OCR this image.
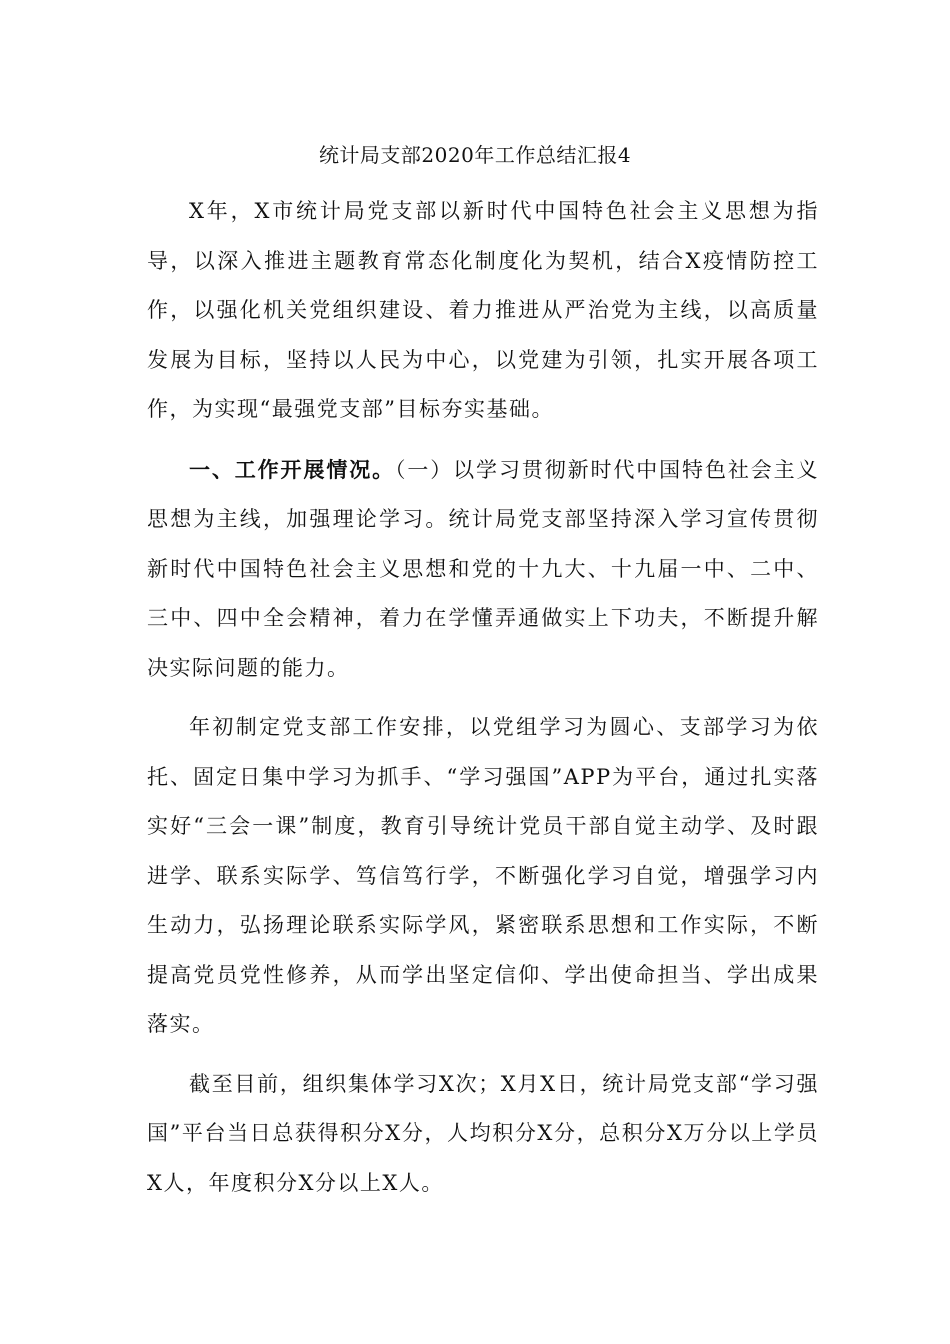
统计局支部2020年工作总结汇报4

X年，X市统计局党支部以新时代中国特色社会主义思想为指导，以深入推进主题教育常态化制度化为契机，结合X疫情防控工作，以强化机关党组织建设、着力推进从严治党为主线，以高质量发展为目标，坚持以人民为中心，以党建为引领，扎实开展各项工作，为实现“最强党支部”目标夯实基础。

一、工作开展情况。（一）以学习贯彻新时代中国特色社会主义思想为主线，加强理论学习。统计局党支部坚持深入学习宣传贯彻新时代中国特色社会主义思想和党的十九大、十九届一中、二中、三中、四中全会精神，着力在学懂弄通做实上下功夫，不断提升解决实际问题的能力。

年初制定党支部工作安排，以党组学习为圆心、支部学习为依托、固定日集中学习为抓手、“学习强国”APP为平台，通过扎实落实好“三会一课”制度，教育引导统计党员干部自觉主动学、及时跟进学、联系实际学、笃信笃行学，不断强化学习自觉，增强学习内生动力，弘扬理论联系实际学风，紧密联系思想和工作实际，不断提高党员党性修养，从而学出坚定信仰、学出使命担当、学出成果落实。

截至目前，组织集体学习X次；X月X日，统计局党支部“学习强国”平台当日总获得积分X分，人均积分X分，总积分X万分以上学员X人，年度积分X分以上X人。
